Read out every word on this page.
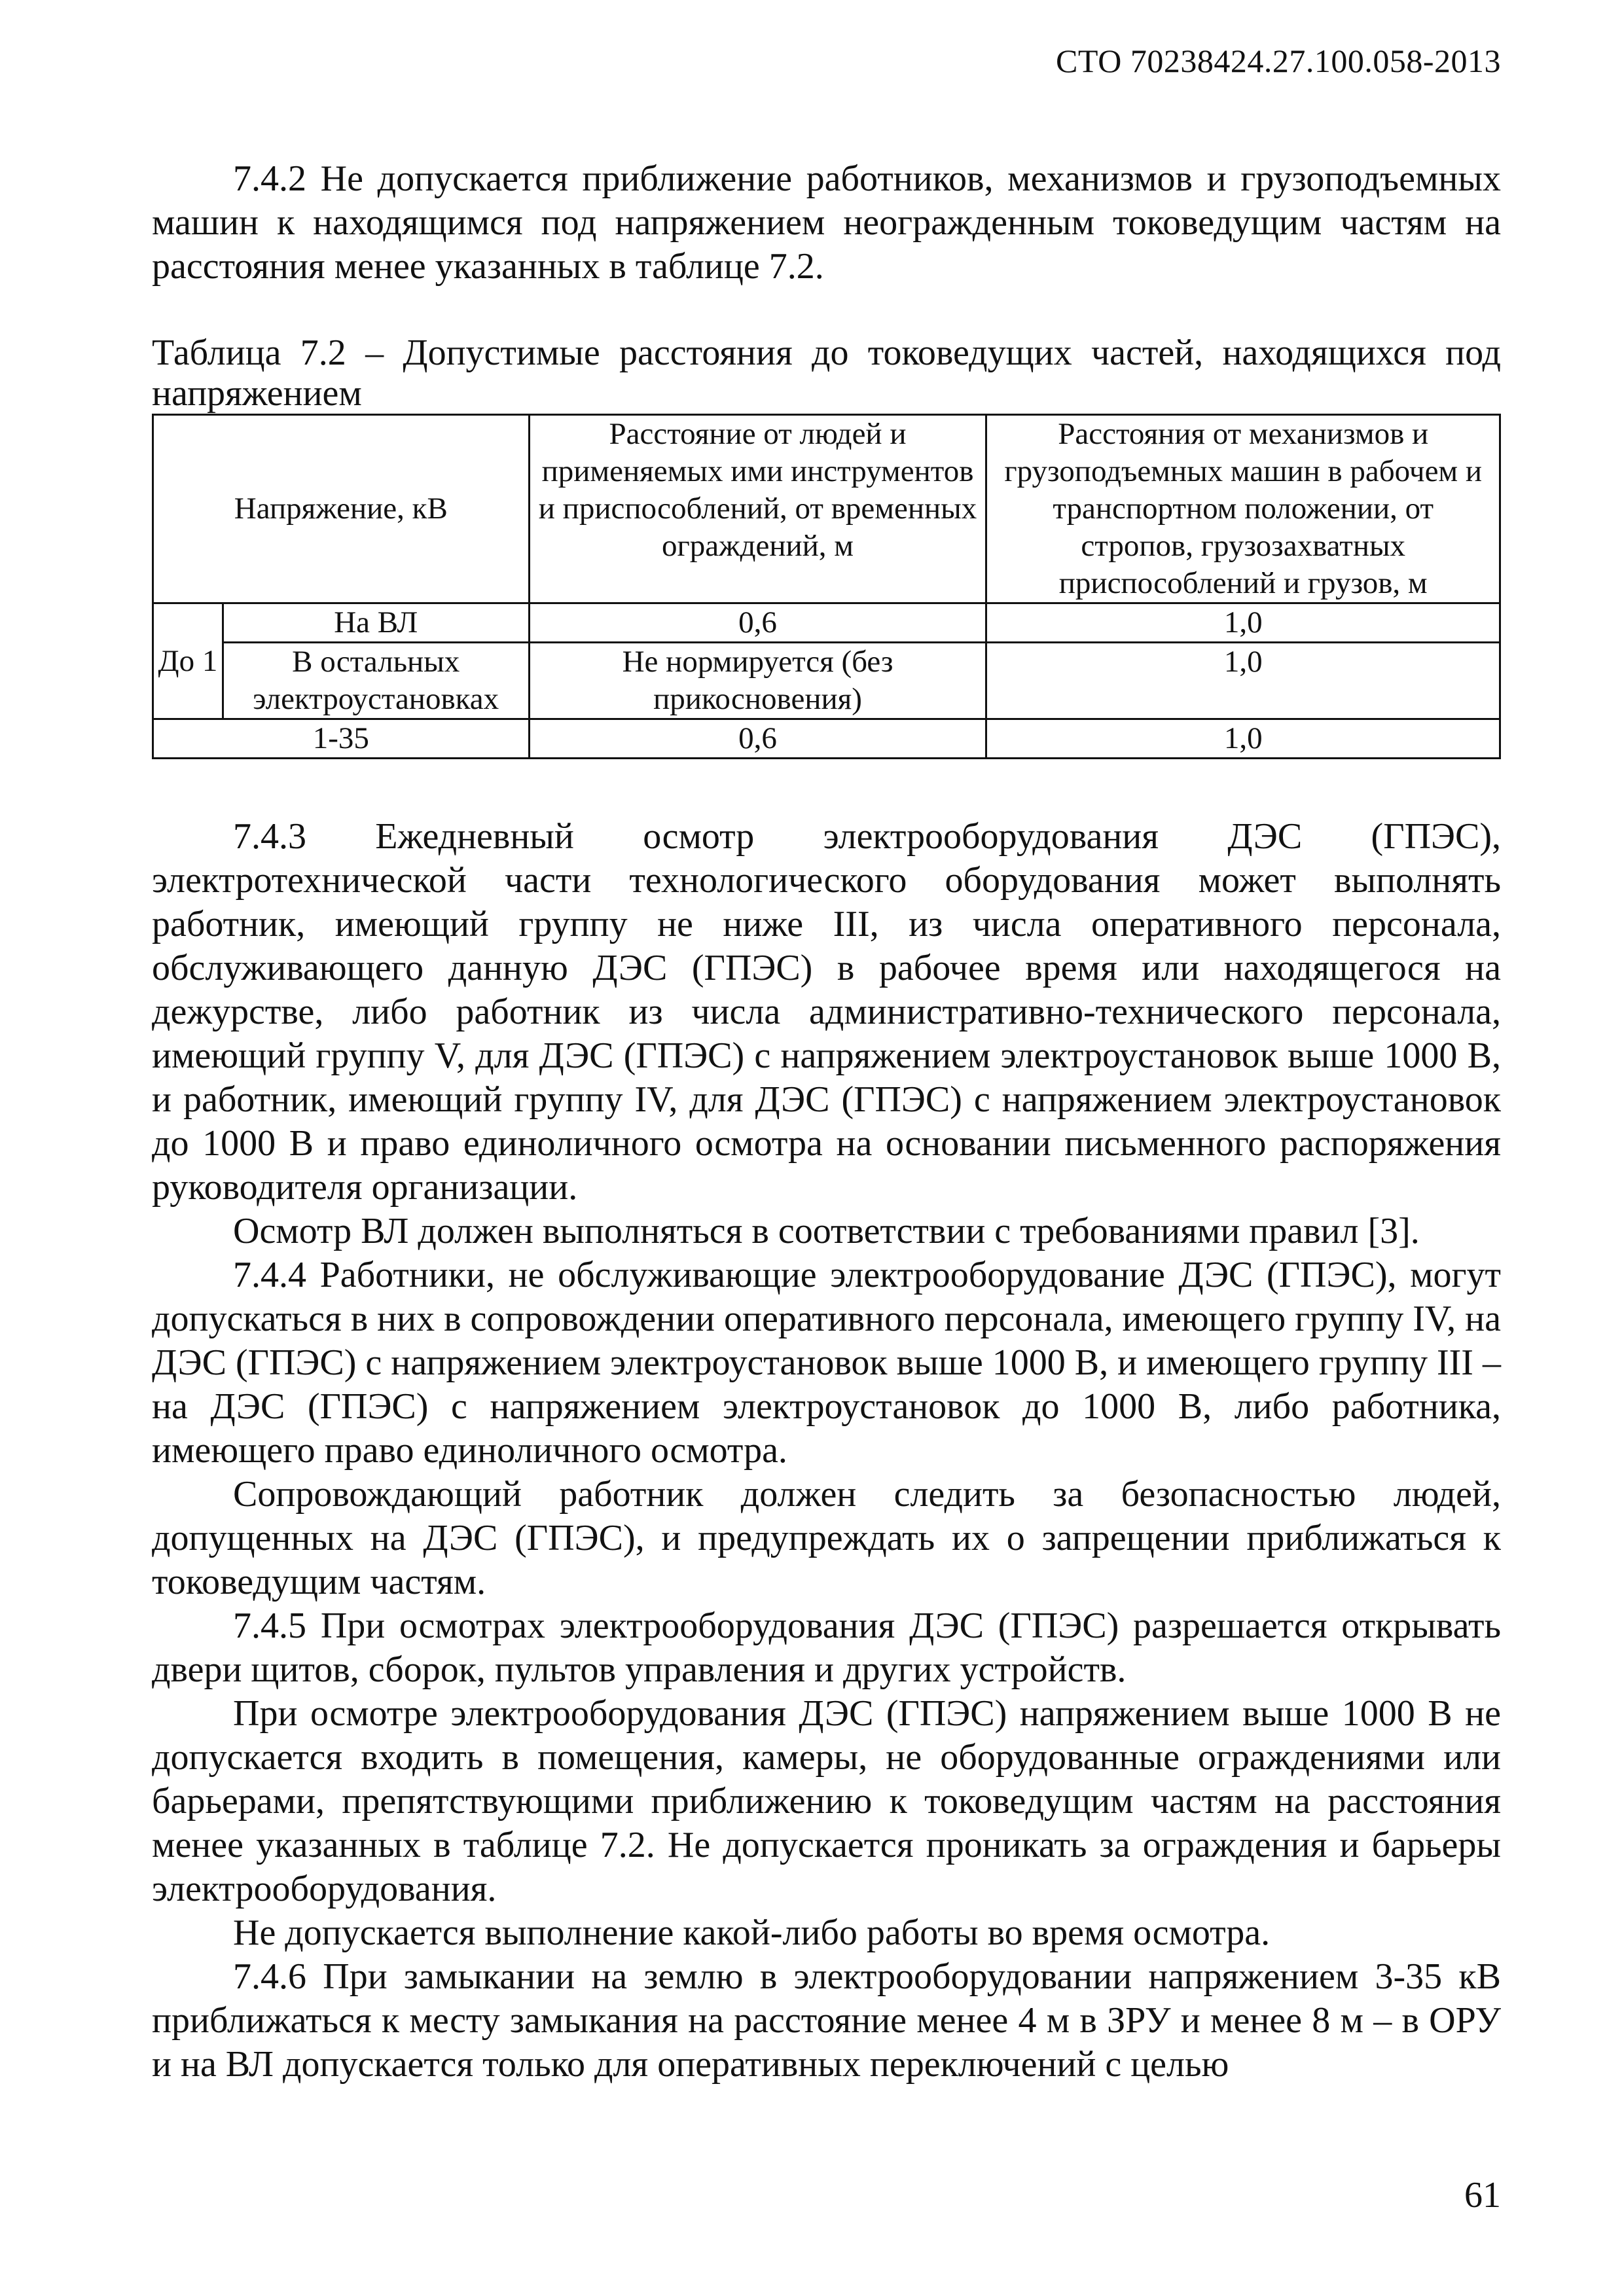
СТО 70238424.27.100.058-2013

7.4.2 Не допускается приближение работников, механизмов и грузоподъемных машин к находящимся под напряжением неогражденным токоведущим частям на расстояния менее указанных в таблице 7.2.

Таблица 7.2 – Допустимые расстояния до токоведущих частей, находящихся под напряжением

Напряжение, кВ		Расстояние от людей и применяемых ими инструментов и приспособлений, от временных ограждений, м	Расстояния от механизмов и грузоподъемных машин в рабочем и транспортном положении, от стропов, грузозахватных приспособлений и грузов, м
До 1	На ВЛ	0,6	1,0
	В остальных электроустановках	Не нормируется (без прикосновения)	1,0
1-35		0,6	1,0

7.4.3 Ежедневный осмотр электрооборудования ДЭС (ГПЭС), электротехнической части технологического оборудования может выполнять работник, имеющий группу не ниже III, из числа оперативного персонала, обслуживающего данную ДЭС (ГПЭС) в рабочее время или находящегося на дежурстве, либо работник из числа административно-технического персонала, имеющий группу V, для ДЭС (ГПЭС) с напряжением электроустановок выше 1000 В, и работник, имеющий группу IV, для ДЭС (ГПЭС) с напряжением электроустановок до 1000 В и право единоличного осмотра на основании письменного распоряжения руководителя организации.

Осмотр ВЛ должен выполняться в соответствии с требованиями правил [3].

7.4.4 Работники, не обслуживающие электрооборудование ДЭС (ГПЭС), могут допускаться в них в сопровождении оперативного персонала, имеющего группу IV, на ДЭС (ГПЭС) с напряжением электроустановок выше 1000 В, и имеющего группу III – на ДЭС (ГПЭС) с напряжением электроустановок до 1000 В, либо работника, имеющего право единоличного осмотра.

Сопровождающий работник должен следить за безопасностью людей, допущенных на ДЭС (ГПЭС), и предупреждать их о запрещении приближаться к токоведущим частям.

7.4.5 При осмотрах электрооборудования ДЭС (ГПЭС) разрешается открывать двери щитов, сборок, пультов управления и других устройств.

При осмотре электрооборудования ДЭС (ГПЭС) напряжением выше 1000 В не допускается входить в помещения, камеры, не оборудованные ограждениями или барьерами, препятствующими приближению к токоведущим частям на расстояния менее указанных в таблице 7.2. Не допускается проникать за ограждения и барьеры электрооборудования.

Не допускается выполнение какой-либо работы во время осмотра.

7.4.6 При замыкании на землю в электрооборудовании напряжением 3-35 кВ приближаться к месту замыкания на расстояние менее 4 м в ЗРУ и менее 8 м – в ОРУ и на ВЛ допускается только для оперативных переключений с целью

61
